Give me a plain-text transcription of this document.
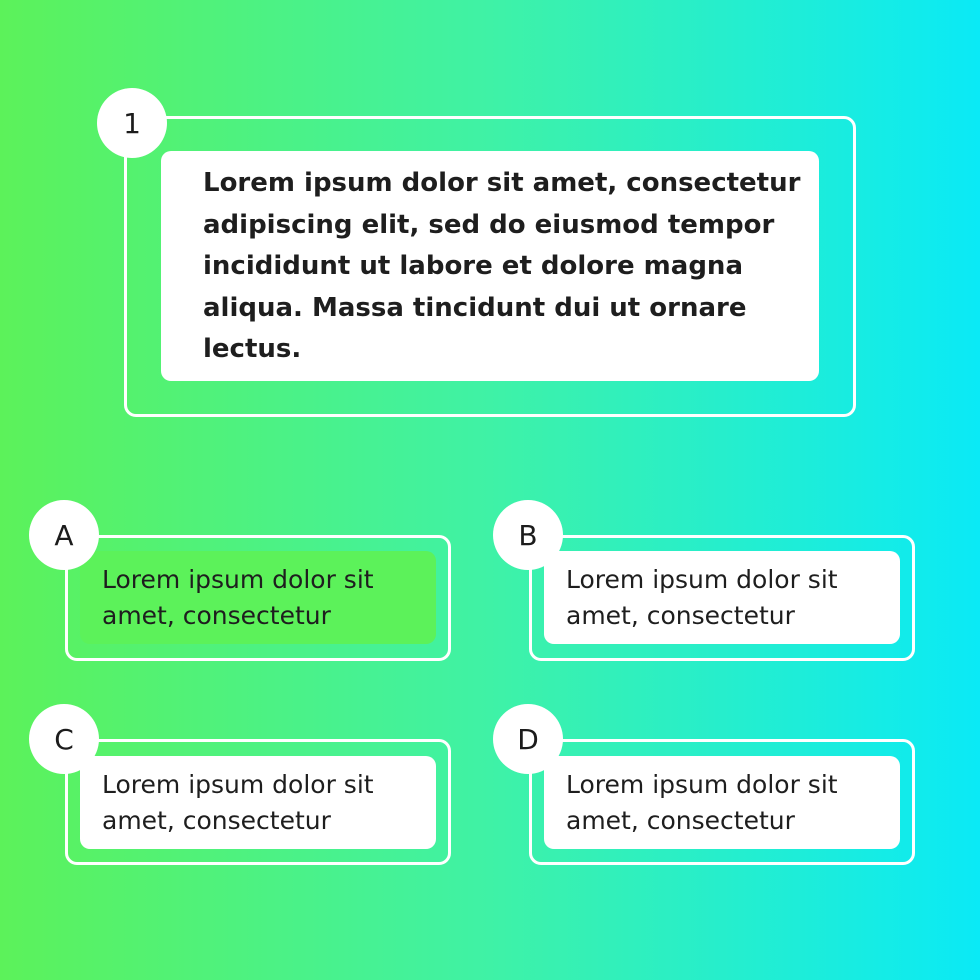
1
Lorem ipsum dolor sit amet, consectetur adipiscing elit, sed do eiusmod tempor incididunt ut labore et dolore magna aliqua. Massa tincidunt dui ut ornare lectus.
A
Lorem ipsum dolor sit amet, consectetur
B
Lorem ipsum dolor sit amet, consectetur
C
Lorem ipsum dolor sit amet, consectetur
D
Lorem ipsum dolor sit amet, consectetur
